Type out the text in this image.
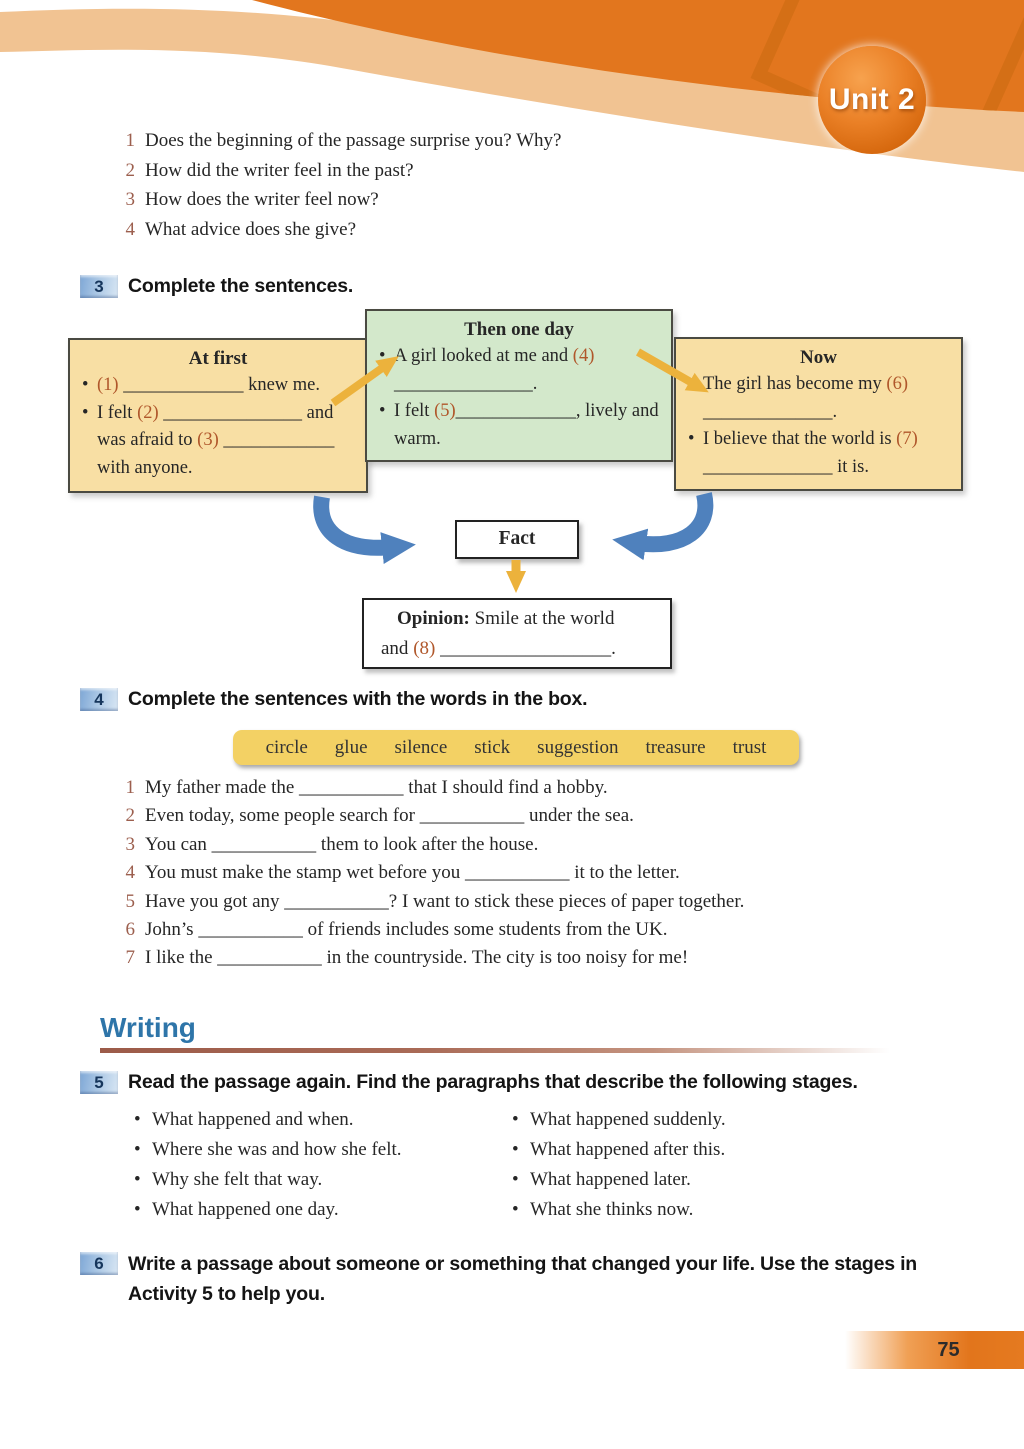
Unit 2
1 Does the beginning of the passage surprise you? Why?
2 How did the writer feel in the past?
3 How does the writer feel now?
4 What advice does she give?
3 Complete the sentences.
At first
• (1) _____________ knew me.
• I felt (2) _______________ and was afraid to (3) ____________ with anyone.
Then one day
• A girl looked at me and (4) _______________.
• I felt (5)_____________, lively and warm.
Now
• The girl has become my (6) ______________.
• I believe that the world is (7) ______________ it is.
Fact
Opinion: Smile at the world and (8) __________________.
4 Complete the sentences with the words in the box.
circle glue silence stick suggestion treasure trust
1 My father made the ___________ that I should find a hobby.
2 Even today, some people search for ___________ under the sea.
3 You can ___________ them to look after the house.
4 You must make the stamp wet before you ___________ it to the letter.
5 Have you got any ___________? I want to stick these pieces of paper together.
6 John’s ___________ of friends includes some students from the UK.
7 I like the ___________ in the countryside. The city is too noisy for me!
Writing
5 Read the passage again. Find the paragraphs that describe the following stages.
• What happened and when.
• Where she was and how she felt.
• Why she felt that way.
• What happened one day.
• What happened suddenly.
• What happened after this.
• What happened later.
• What she thinks now.
6 Write a passage about someone or something that changed your life. Use the stages in Activity 5 to help you.
75
